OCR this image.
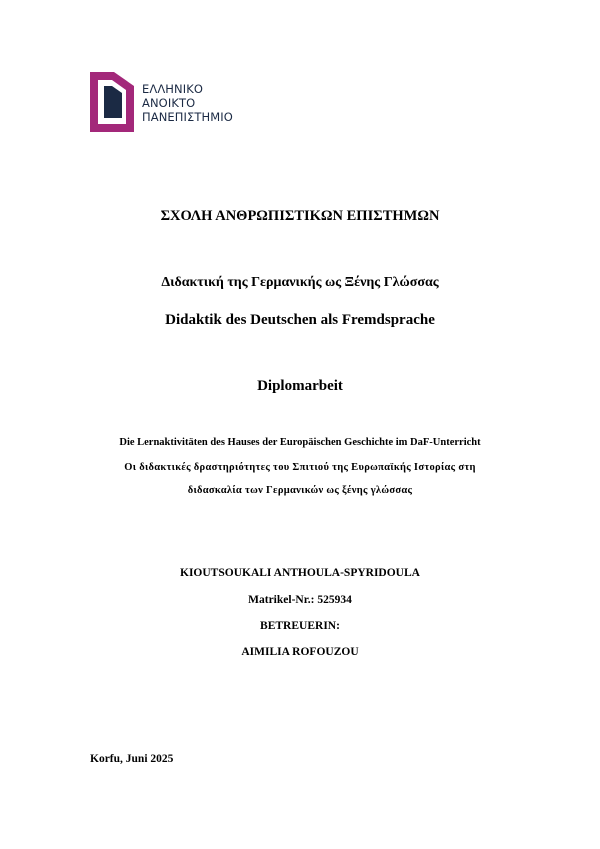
ΕΛΛΗΝΙΚΟ
ΑΝΟΙΚΤΟ
ΠΑΝΕΠΙΣΤΗΜΙΟ
ΣΧΟΛΗ ΑΝΘΡΩΠΙΣΤΙΚΩΝ ΕΠΙΣΤΗΜΩΝ
Διδακτική της Γερμανικής ως Ξένης Γλώσσας
Didaktik des Deutschen als Fremdsprache
Diplomarbeit
Die Lernaktivitäten des Hauses der Europäischen Geschichte im DaF-Unterricht
Οι διδακτικές δραστηριότητες του Σπιτιού της Ευρωπαϊκής Ιστορίας στη
διδασκαλία των Γερμανικών ως ξένης γλώσσας
KIOUTSOUKALI ANTHOULA-SPYRIDOULA
Matrikel-Nr.: 525934
BETREUERIN:
AIMILIA ROFOUZOU
Korfu, Juni 2025
